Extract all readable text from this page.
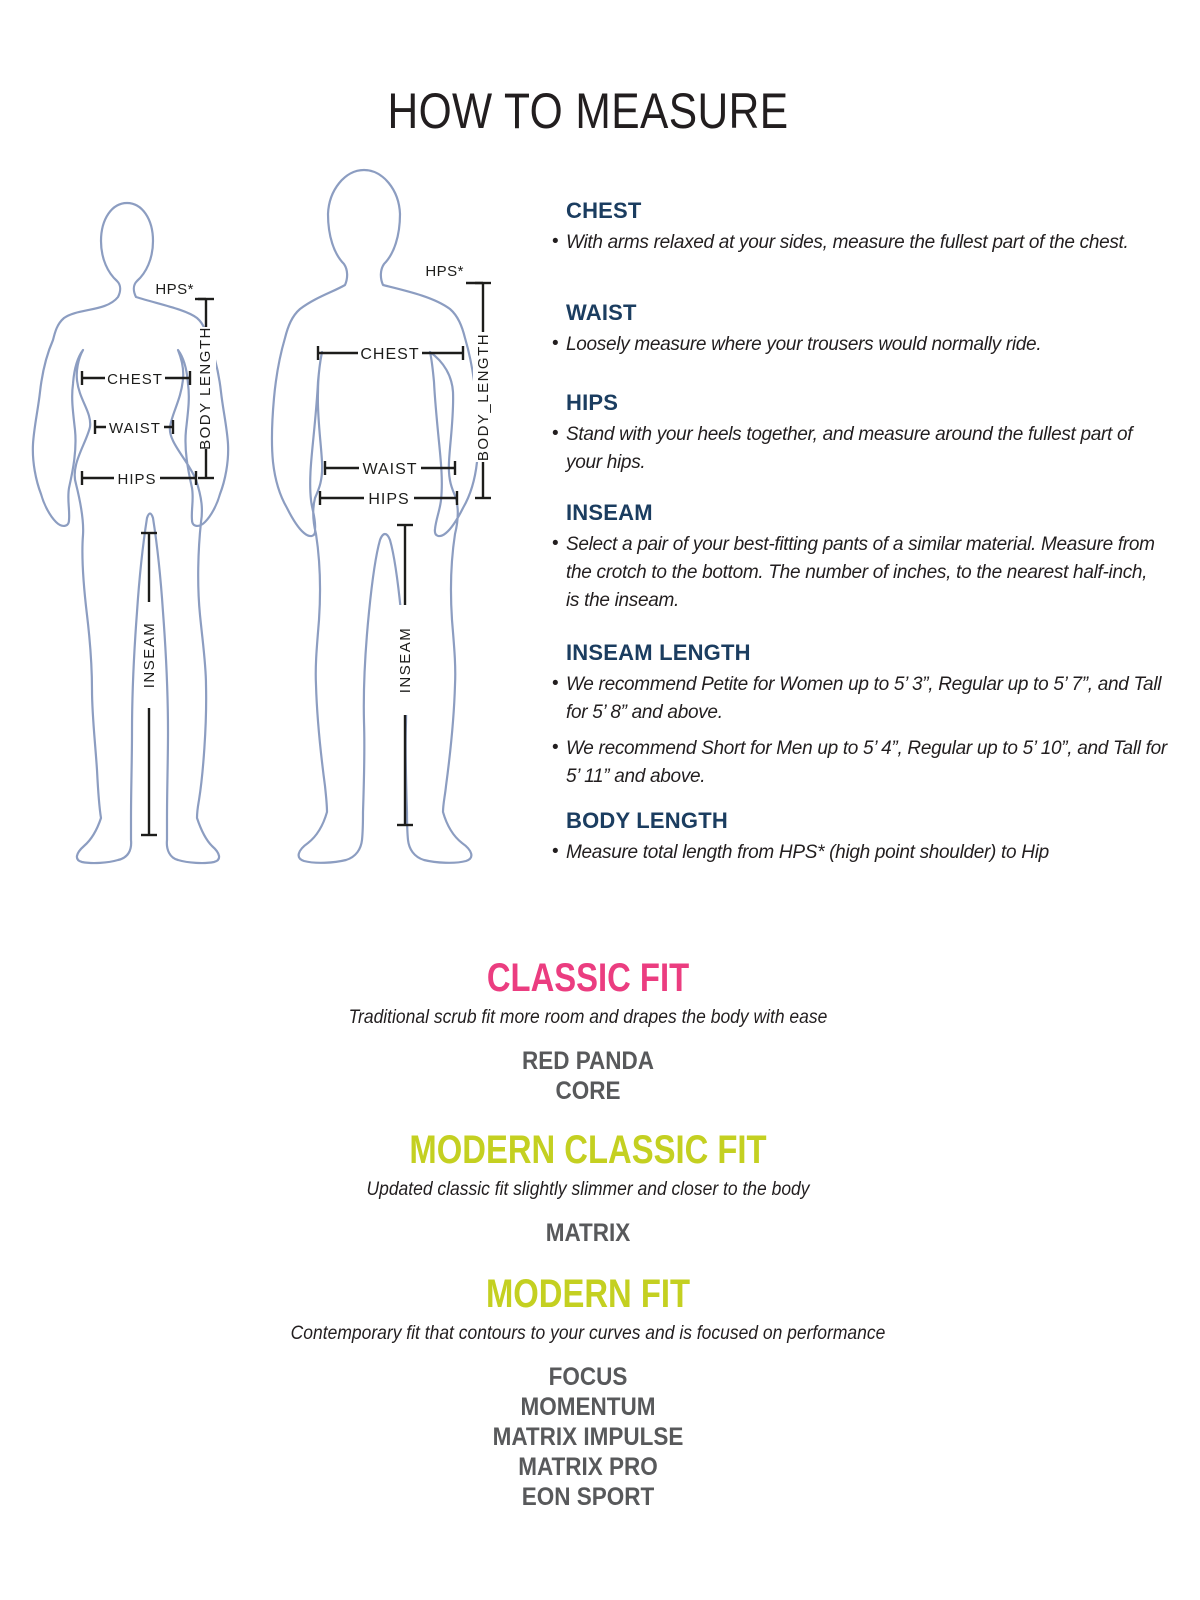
HOW TO MEASURE
HPS*
BODY LENGTH
CHEST
WAIST
HIPS
INSEAM
HPS*
BODY_LENGTH
CHEST
WAIST
HIPS
INSEAM
CHEST
• With arms relaxed at your sides, measure the fullest part of the chest.
WAIST
• Loosely measure where your trousers would normally ride.
HIPS
• Stand with your heels together, and measure around the fullest part of
your hips.
INSEAM
• Select a pair of your best-fitting pants of a similar material. Measure from
the crotch to the bottom. The number of inches, to the nearest half-inch,
is the inseam.
INSEAM LENGTH
• We recommend Petite for Women up to 5’ 3”, Regular up to 5’ 7”, and Tall
for 5’ 8” and above.
• We recommend Short for Men up to 5’ 4”, Regular up to 5’ 10”, and Tall for
5’ 11” and above.
BODY LENGTH
• Measure total length from HPS* (high point shoulder) to Hip
CLASSIC FIT

Traditional scrub fit more room and drapes the body with ease

RED PANDA
CORE
MODERN CLASSIC FIT

Updated classic fit slightly slimmer and closer to the body

MATRIX
MODERN FIT

Contemporary fit that contours to your curves and is focused on performance

FOCUS
MOMENTUM
MATRIX IMPULSE
MATRIX PRO
EON SPORT
